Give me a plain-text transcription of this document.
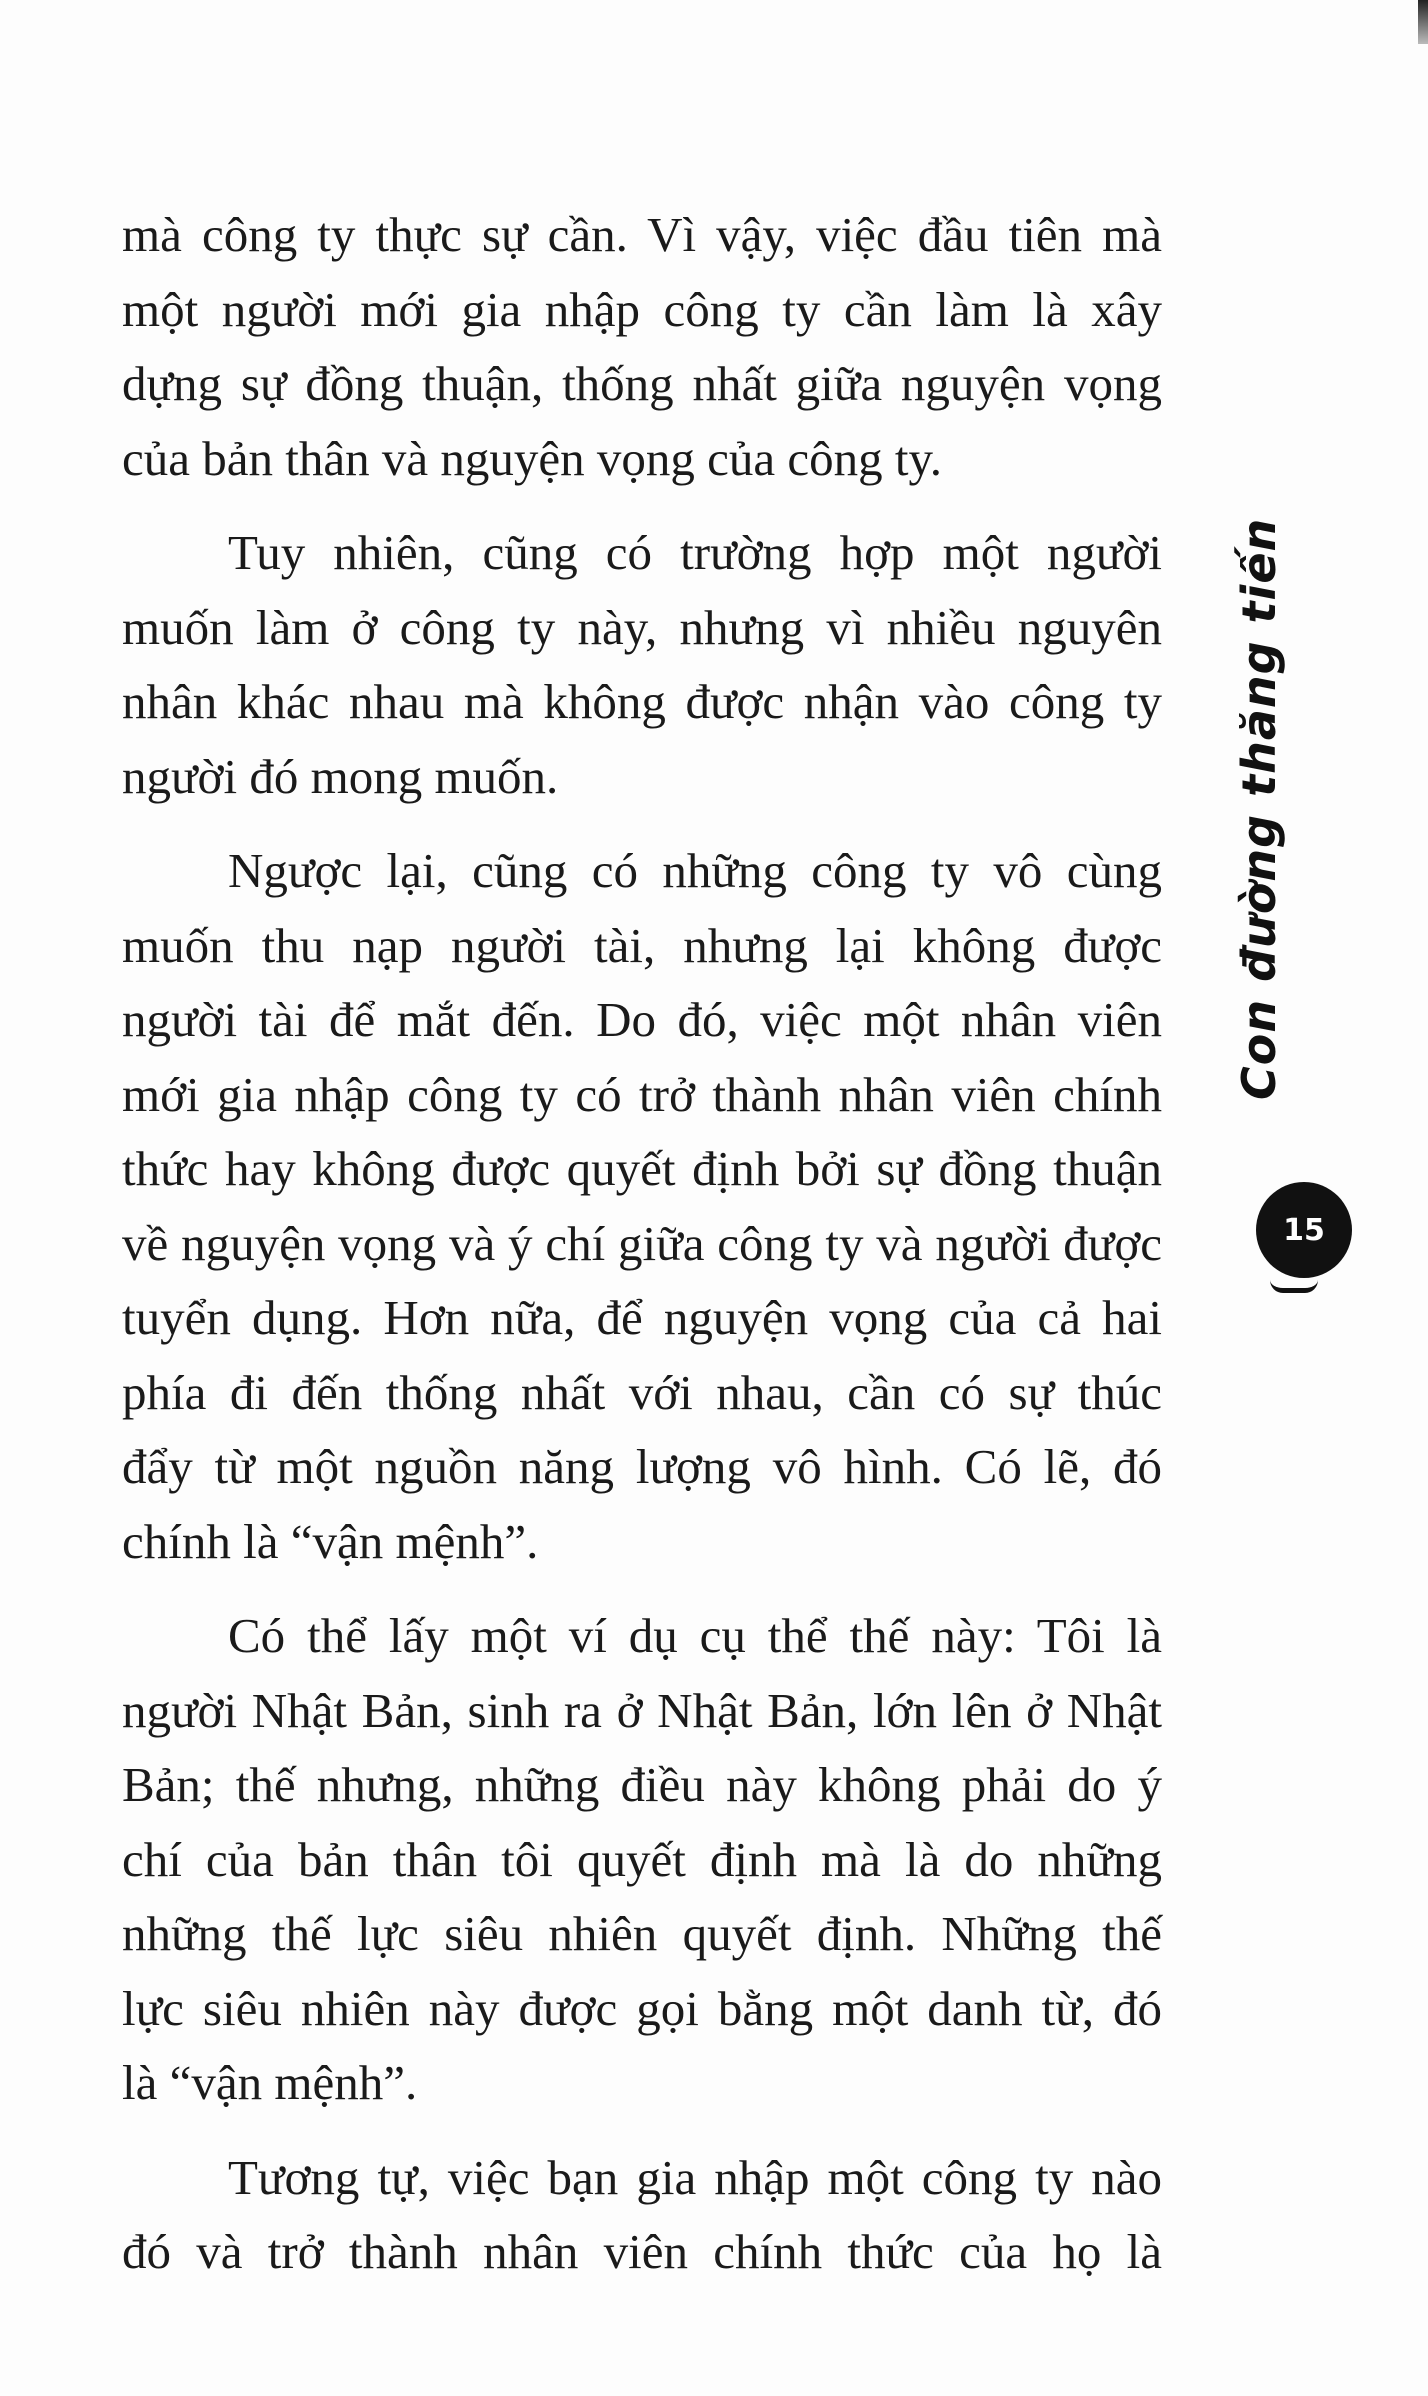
mà công ty thực sự cần. Vì vậy, việc đầu tiên mà
một người mới gia nhập công ty cần làm là xây
dựng sự đồng thuận, thống nhất giữa nguyện vọng
của bản thân và nguyện vọng của công ty.
Tuy nhiên, cũng có trường hợp một người
muốn làm ở công ty này, nhưng vì nhiều nguyên
nhân khác nhau mà không được nhận vào công ty
người đó mong muốn.
Ngược lại, cũng có những công ty vô cùng
muốn thu nạp người tài, nhưng lại không được
người tài để mắt đến. Do đó, việc một nhân viên
mới gia nhập công ty có trở thành nhân viên chính
thức hay không được quyết định bởi sự đồng thuận
về nguyện vọng và ý chí giữa công ty và người được
tuyển dụng. Hơn nữa, để nguyện vọng của cả hai
phía đi đến thống nhất với nhau, cần có sự thúc
đẩy từ một nguồn năng lượng vô hình. Có lẽ, đó
chính là “vận mệnh”.
Có thể lấy một ví dụ cụ thể thế này: Tôi là
người Nhật Bản, sinh ra ở Nhật Bản, lớn lên ở Nhật
Bản; thế nhưng, những điều này không phải do ý
chí của bản thân tôi quyết định mà là do những
những thế lực siêu nhiên quyết định. Những thế
lực siêu nhiên này được gọi bằng một danh từ, đó
là “vận mệnh”.
Tương tự, việc bạn gia nhập một công ty nào
đó và trở thành nhân viên chính thức của họ là
Con đường thăng tiến
15
